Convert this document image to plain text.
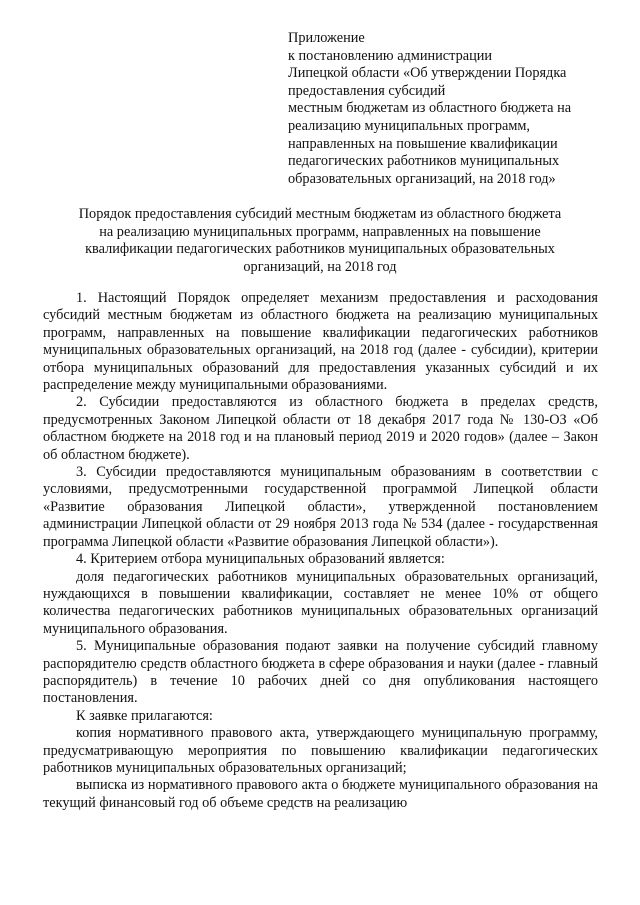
Приложение
к постановлению администрации
Липецкой области «Об утверждении Порядка
предоставления субсидий
местным бюджетам из областного бюджета на
реализацию муниципальных программ,
направленных на повышение квалификации
педагогических работников муниципальных
образовательных организаций, на 2018 год»
Порядок предоставления субсидий местным бюджетам из областного бюджета
на реализацию муниципальных программ, направленных на повышение
квалификации педагогических работников муниципальных образовательных
организаций, на 2018 год

1. Настоящий Порядок определяет механизм предоставления и расходования субсидий местным бюджетам из областного бюджета на реализацию муниципальных программ, направленных на повышение квалификации педагогических работников муниципальных образовательных организаций, на 2018 год (далее - субсидии), критерии отбора муниципальных образований для предоставления указанных субсидий и их распределение между муниципальными образованиями.

2. Субсидии предоставляются из областного бюджета в пределах средств, предусмотренных Законом Липецкой области от 18 декабря 2017 года № 130-ОЗ «Об областном бюджете на 2018 год и на плановый период 2019 и 2020 годов» (далее – Закон об областном бюджете).

3. Субсидии предоставляются муниципальным образованиям в соответствии с условиями, предусмотренными государственной программой Липецкой области «Развитие образования Липецкой области», утвержденной постановлением администрации Липецкой области от 29 ноября 2013 года № 534 (далее - государственная программа Липецкой области «Развитие образования Липецкой области»).

4. Критерием отбора муниципальных образований является:

доля педагогических работников муниципальных образовательных организаций, нуждающихся в повышении квалификации, составляет не менее 10% от общего количества педагогических работников муниципальных образовательных организаций муниципального образования.

5. Муниципальные образования подают заявки на получение субсидий главному распорядителю средств областного бюджета в сфере образования и науки (далее - главный распорядитель) в течение 10 рабочих дней со дня опубликования настоящего постановления.

К заявке прилагаются:

копия нормативного правового акта, утверждающего муниципальную программу, предусматривающую мероприятия по повышению квалификации педагогических работников муниципальных образовательных организаций;

выписка из нормативного правового акта о бюджете муниципального образования на текущий финансовый год об объеме средств на реализацию
